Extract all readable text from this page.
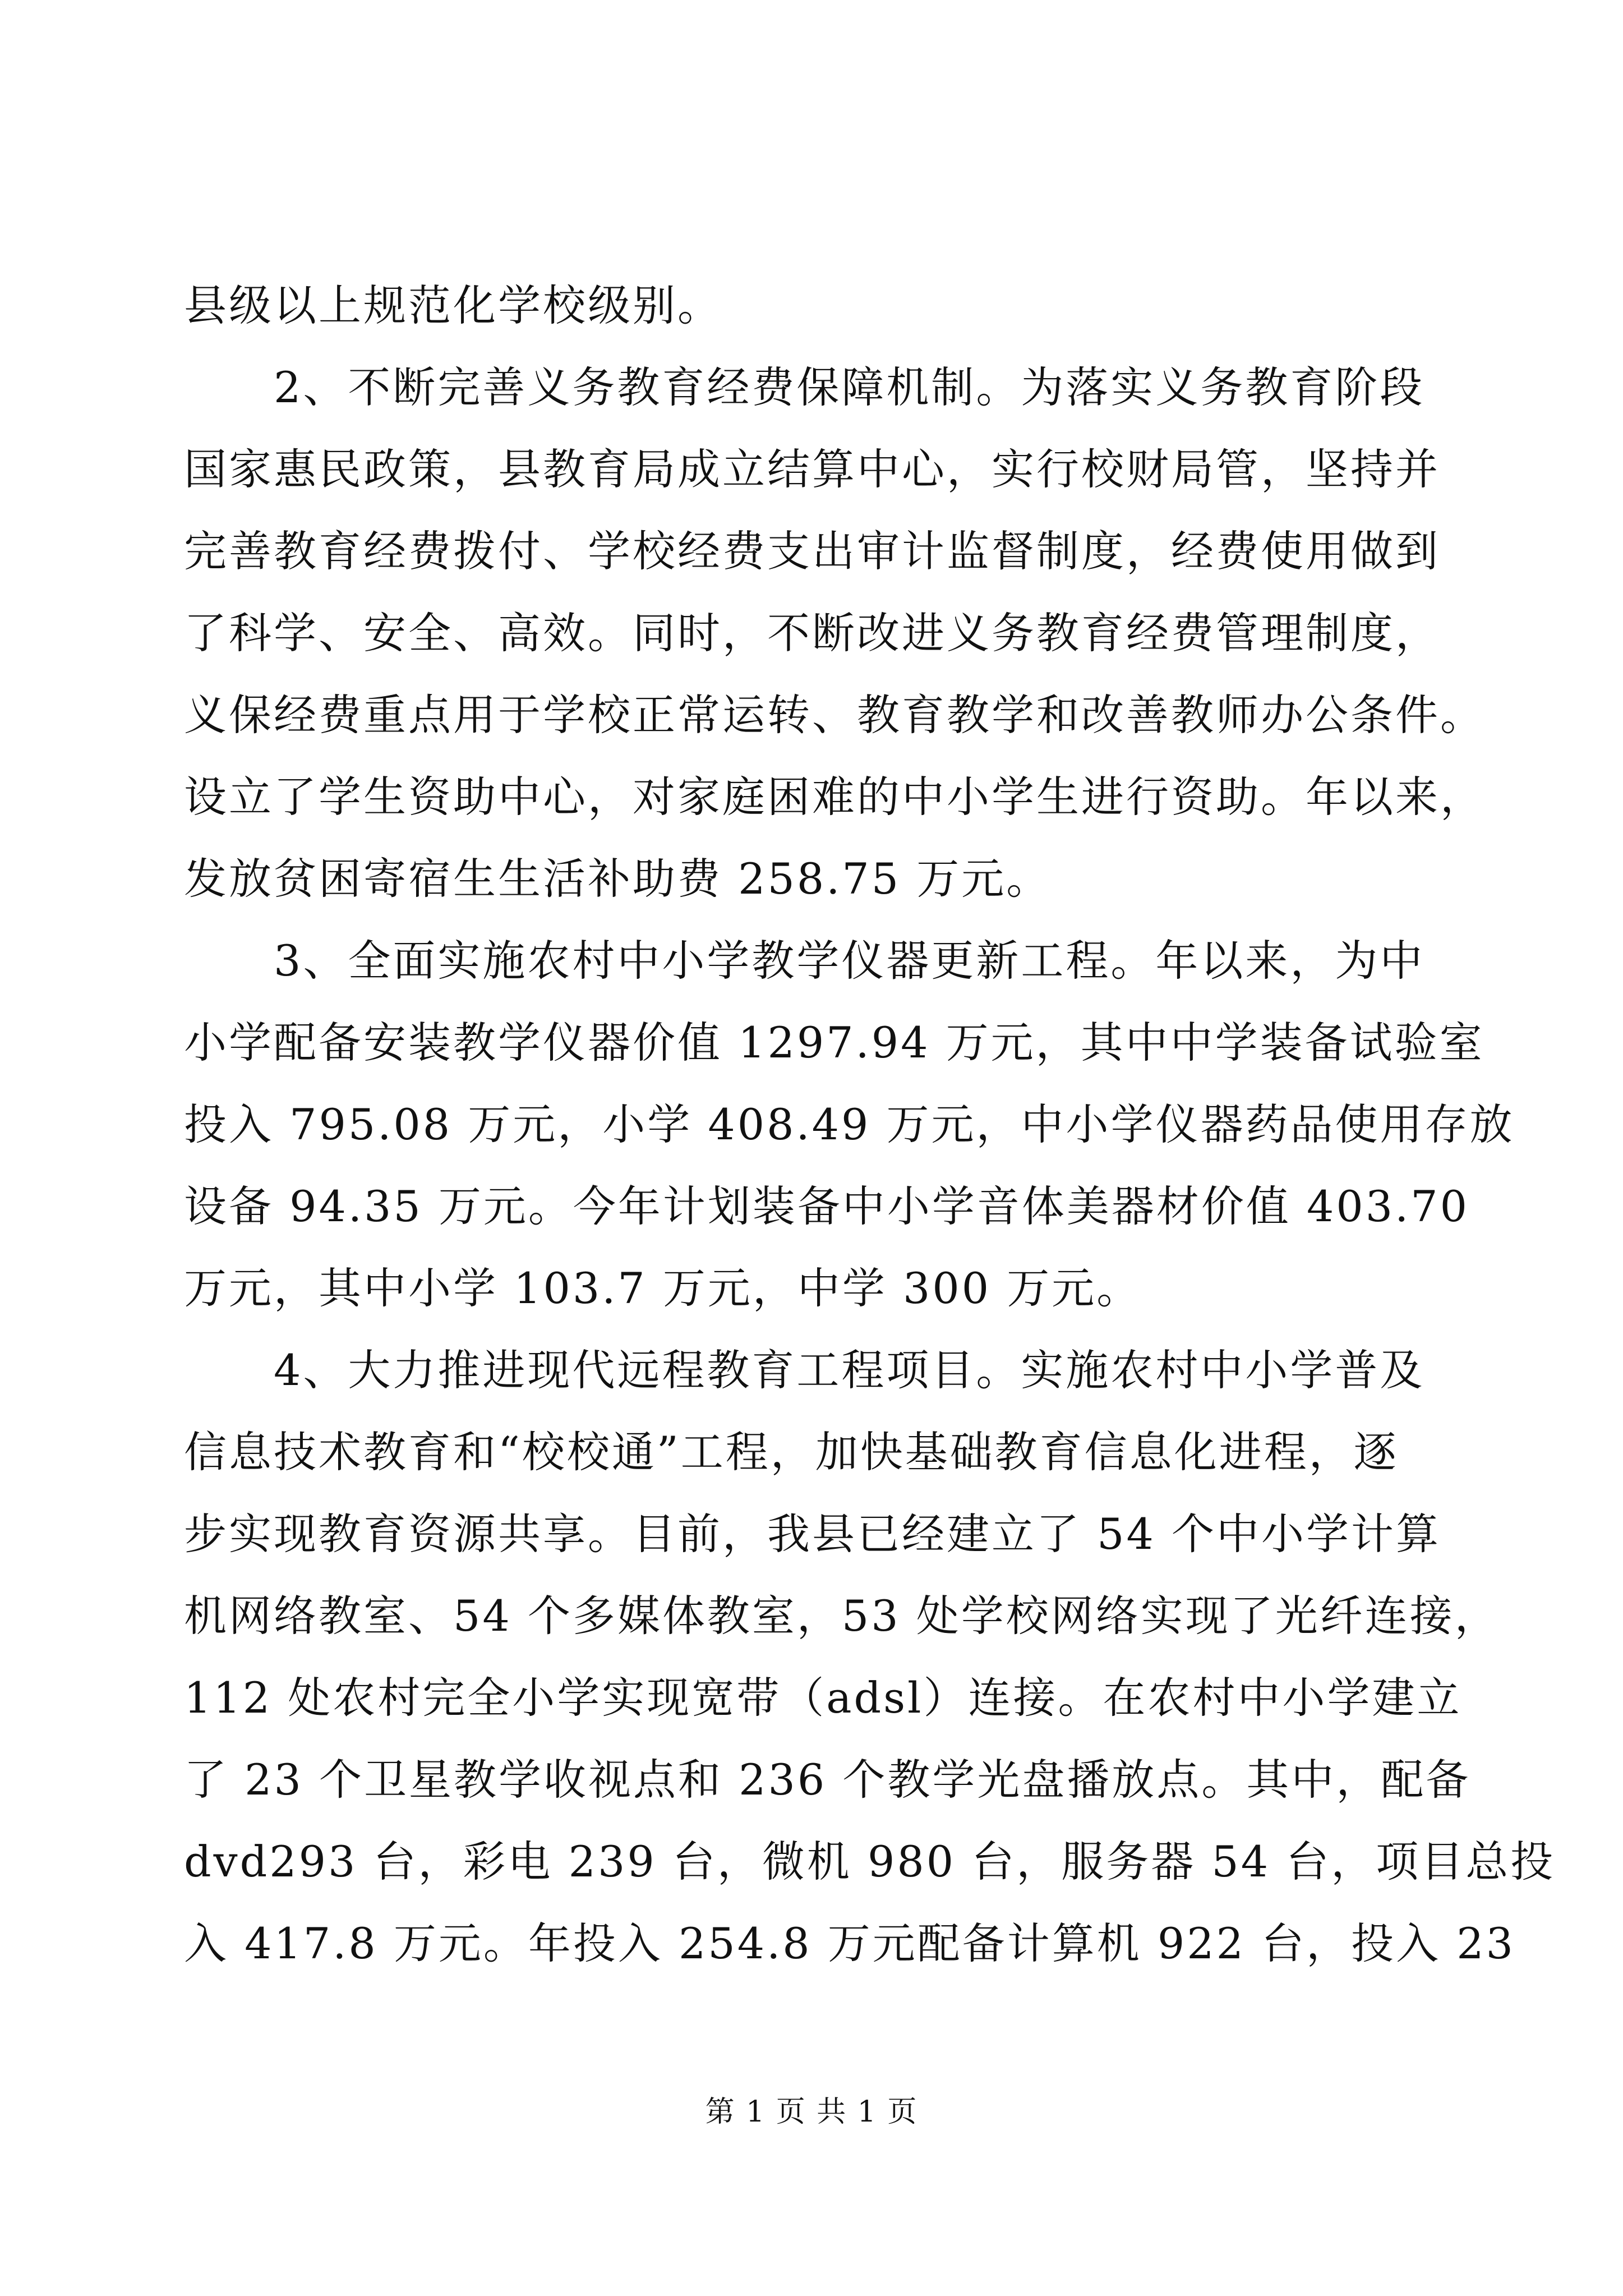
县级以上规范化学校级别。
2、不断完善义务教育经费保障机制。为落实义务教育阶段
国家惠民政策，县教育局成立结算中心，实行校财局管，坚持并
完善教育经费拨付、学校经费支出审计监督制度，经费使用做到
了科学、安全、高效。同时，不断改进义务教育经费管理制度，
义保经费重点用于学校正常运转、教育教学和改善教师办公条件。
设立了学生资助中心，对家庭困难的中小学生进行资助。年以来，
发放贫困寄宿生生活补助费 258.75 万元。
3、全面实施农村中小学教学仪器更新工程。年以来，为中
小学配备安装教学仪器价值 1297.94 万元，其中中学装备试验室
投入 795.08 万元，小学 408.49 万元，中小学仪器药品使用存放
设备 94.35 万元。今年计划装备中小学音体美器材价值 403.70
万元，其中小学 103.7 万元，中学 300 万元。
4、大力推进现代远程教育工程项目。实施农村中小学普及
信息技术教育和“校校通”工程，加快基础教育信息化进程，逐
步实现教育资源共享。目前，我县已经建立了 54 个中小学计算
机网络教室、54 个多媒体教室，53 处学校网络实现了光纤连接，
112 处农村完全小学实现宽带（adsl）连接。在农村中小学建立
了 23 个卫星教学收视点和 236 个教学光盘播放点。其中，配备
dvd293 台，彩电 239 台，微机 980 台，服务器 54 台，项目总投
入 417.8 万元。年投入 254.8 万元配备计算机 922 台，投入 23
第 1 页 共 1 页
